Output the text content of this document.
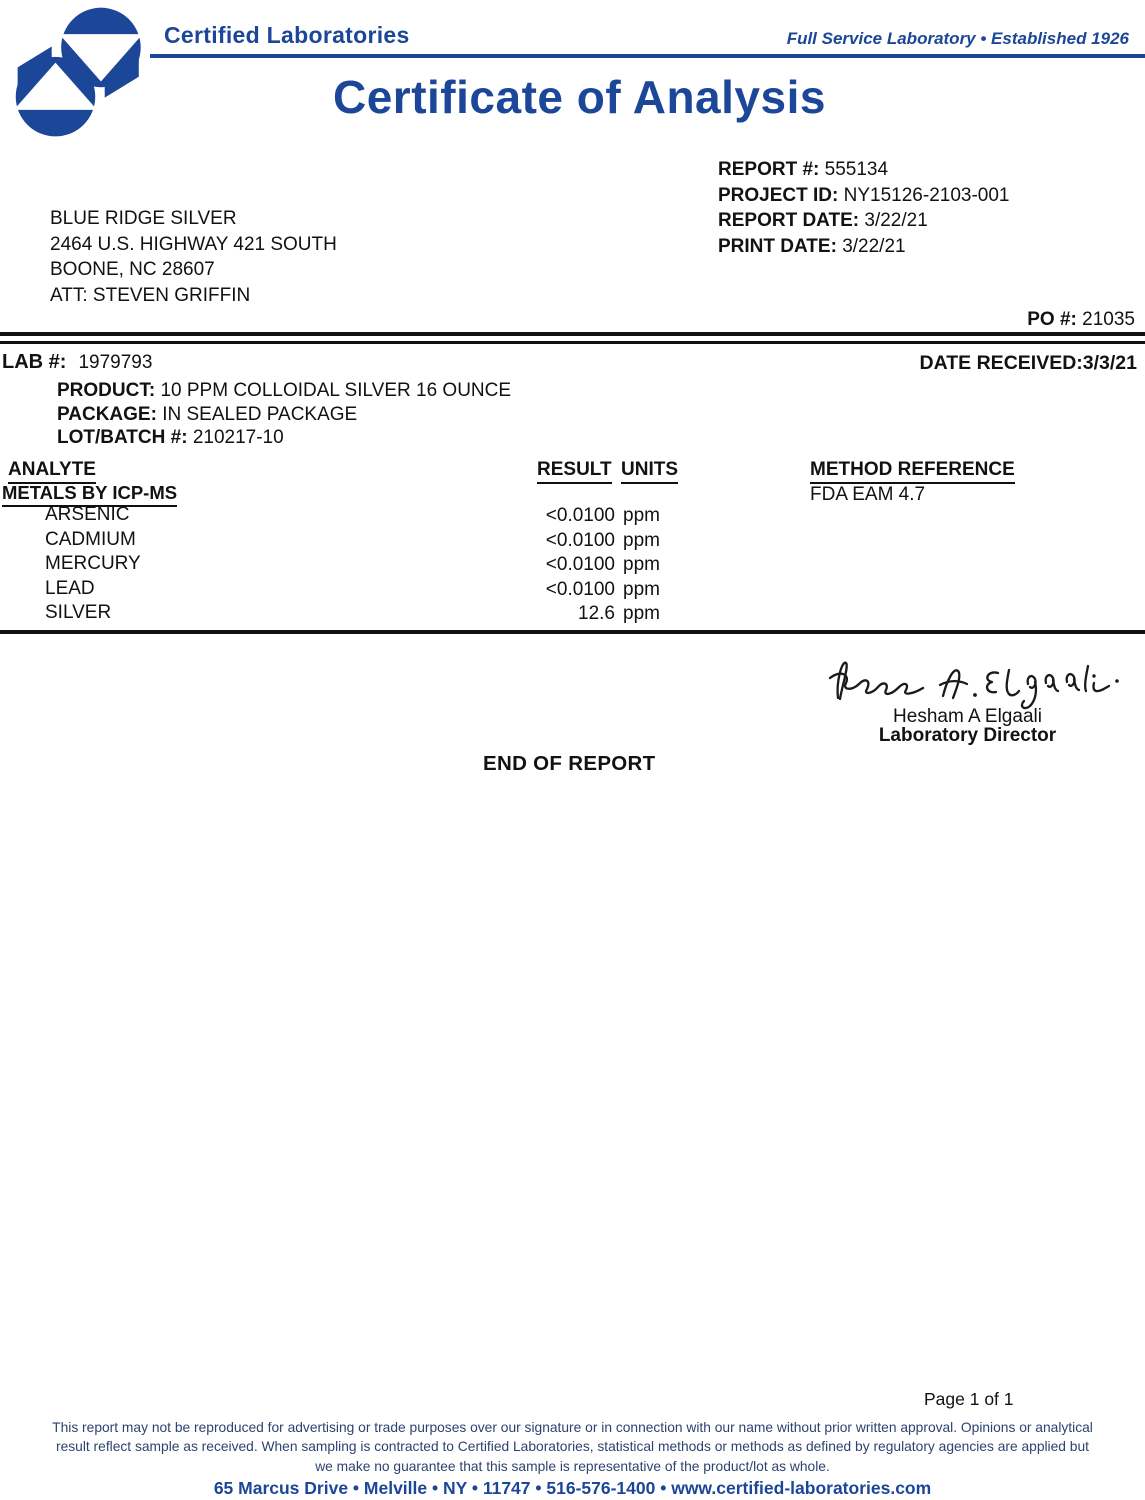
Certified Laboratories	Full Service Laboratory • Established 1926
Certificate of Analysis
REPORT #: 555134
PROJECT ID: NY15126-2103-001
REPORT DATE: 3/22/21
PRINT DATE: 3/22/21
BLUE RIDGE SILVER
2464 U.S. HIGHWAY 421 SOUTH
BOONE, NC 28607
ATT: STEVEN GRIFFIN
PO #: 21035
LAB #: 1979793	DATE RECEIVED:3/3/21
PRODUCT: 10 PPM COLLOIDAL SILVER 16 OUNCE
PACKAGE: IN SEALED PACKAGE
LOT/BATCH #: 210217-10
ANALYTE	RESULT UNITS	METHOD REFERENCE
METALS BY ICP-MS	FDA EAM 4.7
ARSENIC	<0.0100 ppm
CADMIUM	<0.0100 ppm
MERCURY	<0.0100 ppm
LEAD	<0.0100 ppm
SILVER	12.6 ppm
Hesham A Elgaali
Laboratory Director
END OF REPORT
Page 1 of 1
This report may not be reproduced for advertising or trade purposes over our signature or in connection with our name without prior written approval. Opinions or analytical
result reflect sample as received. When sampling is contracted to Certified Laboratories, statistical methods or methods as defined by regulatory agencies are applied but
we make no guarantee that this sample is representative of the product/lot as whole.
65 Marcus Drive • Melville • NY • 11747 • 516-576-1400 • www.certified-laboratories.com
